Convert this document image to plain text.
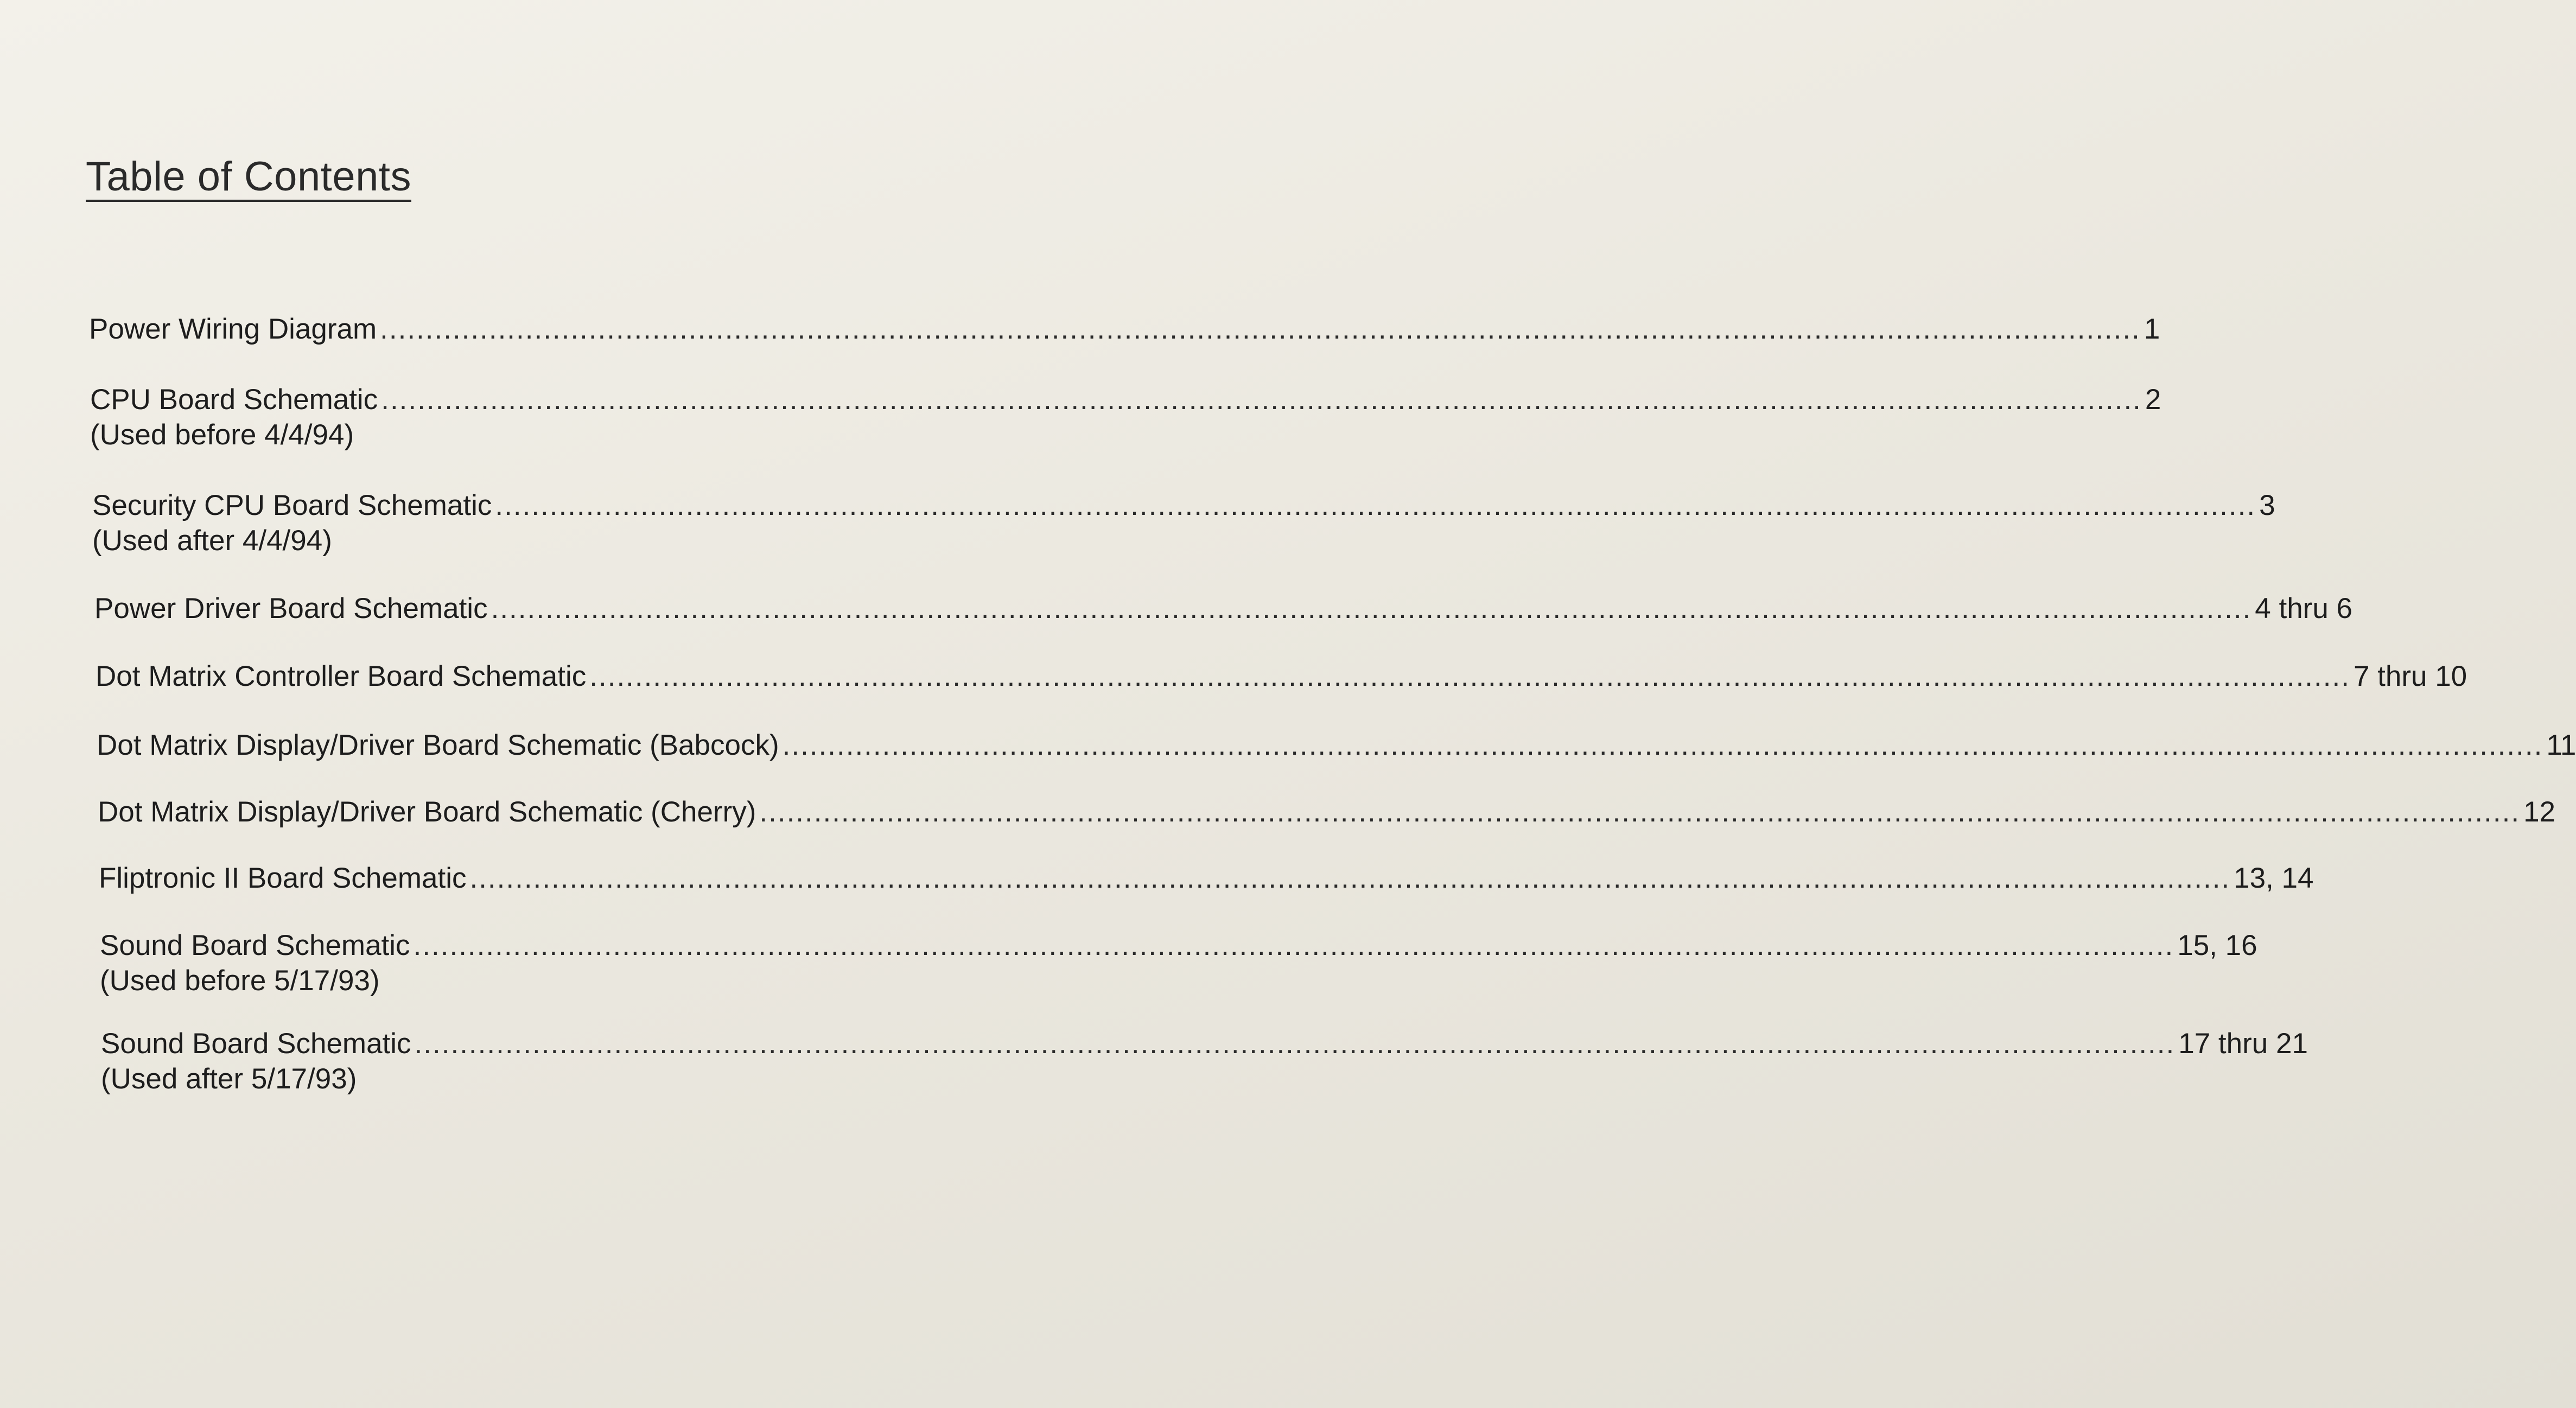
Table of Contents
Power Wiring Diagram .................................................................................................................................................................................................. 1
CPU Board Schematic .................................................................................................................................................................................................. 2
(Used before 4/4/94)
Security CPU Board Schematic .................................................................................................................................................................................................. 3
(Used after 4/4/94)
Power Driver Board Schematic .................................................................................................................................................................................................. 4 thru 6
Dot Matrix Controller Board Schematic .................................................................................................................................................................................................. 7 thru 10
Dot Matrix Display/Driver Board Schematic (Babcock) .................................................................................................................................................................................................. 11
Dot Matrix Display/Driver Board Schematic (Cherry) .................................................................................................................................................................................................. 12
Fliptronic II Board Schematic .................................................................................................................................................................................................. 13, 14
Sound Board Schematic .................................................................................................................................................................................................. 15, 16
(Used before 5/17/93)
Sound Board Schematic .................................................................................................................................................................................................. 17 thru 21
(Used after 5/17/93)
